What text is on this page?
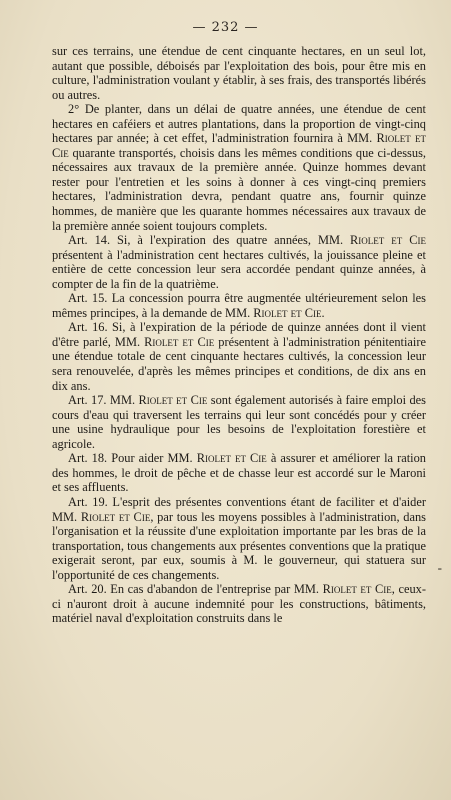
— 232 —

sur ces terrains, une étendue de cent cinquante hectares, en un seul lot, autant que possible, déboisés par l'exploitation des bois, pour être mis en culture, l'administration voulant y établir, à ses frais, des transportés libérés ou autres.

2° De planter, dans un délai de quatre années, une étendue de cent hectares en caféiers et autres plantations, dans la proportion de vingt-cinq hectares par année; à cet effet, l'administration fournira à MM. Riolet et Cie quarante transportés, choisis dans les mêmes conditions que ci-dessus, nécessaires aux travaux de la première année. Quinze hommes devant rester pour l'entretien et les soins à donner à ces vingt-cinq premiers hectares, l'administration devra, pendant quatre ans, fournir quinze hommes, de manière que les quarante hommes nécessaires aux travaux de la première année soient toujours complets.

Art. 14. Si, à l'expiration des quatre années, MM. Riolet et Cie présentent à l'administration cent hectares cultivés, la jouissance pleine et entière de cette concession leur sera accordée pendant quinze années, à compter de la fin de la quatrième.

Art. 15. La concession pourra être augmentée ultérieurement selon les mêmes principes, à la demande de MM. Riolet et Cie.

Art. 16. Si, à l'expiration de la période de quinze années dont il vient d'être parlé, MM. Riolet et Cie présentent à l'administration pénitentiaire une étendue totale de cent cinquante hectares cultivés, la concession leur sera renouvelée, d'après les mêmes principes et conditions, de dix ans en dix ans.

Art. 17. MM. Riolet et Cie sont également autorisés à faire emploi des cours d'eau qui traversent les terrains qui leur sont concédés pour y créer une usine hydraulique pour les besoins de l'exploitation forestière et agricole.

Art. 18. Pour aider MM. Riolet et Cie à assurer et améliorer la ration des hommes, le droit de pêche et de chasse leur est accordé sur le Maroni et ses affluents.

Art. 19. L'esprit des présentes conventions étant de faciliter et d'aider MM. Riolet et Cie, par tous les moyens possibles à l'administration, dans l'organisation et la réussite d'une exploitation importante par les bras de la transportation, tous changements aux présentes conventions que la pratique exigerait seront, par eux, soumis à M. le gouverneur, qui statuera sur l'opportunité de ces changements.

Art. 20. En cas d'abandon de l'entreprise par MM. Riolet et Cie, ceux-ci n'auront droit à aucune indemnité pour les constructions, bâtiments, matériel naval d'exploitation construits dans le

-
